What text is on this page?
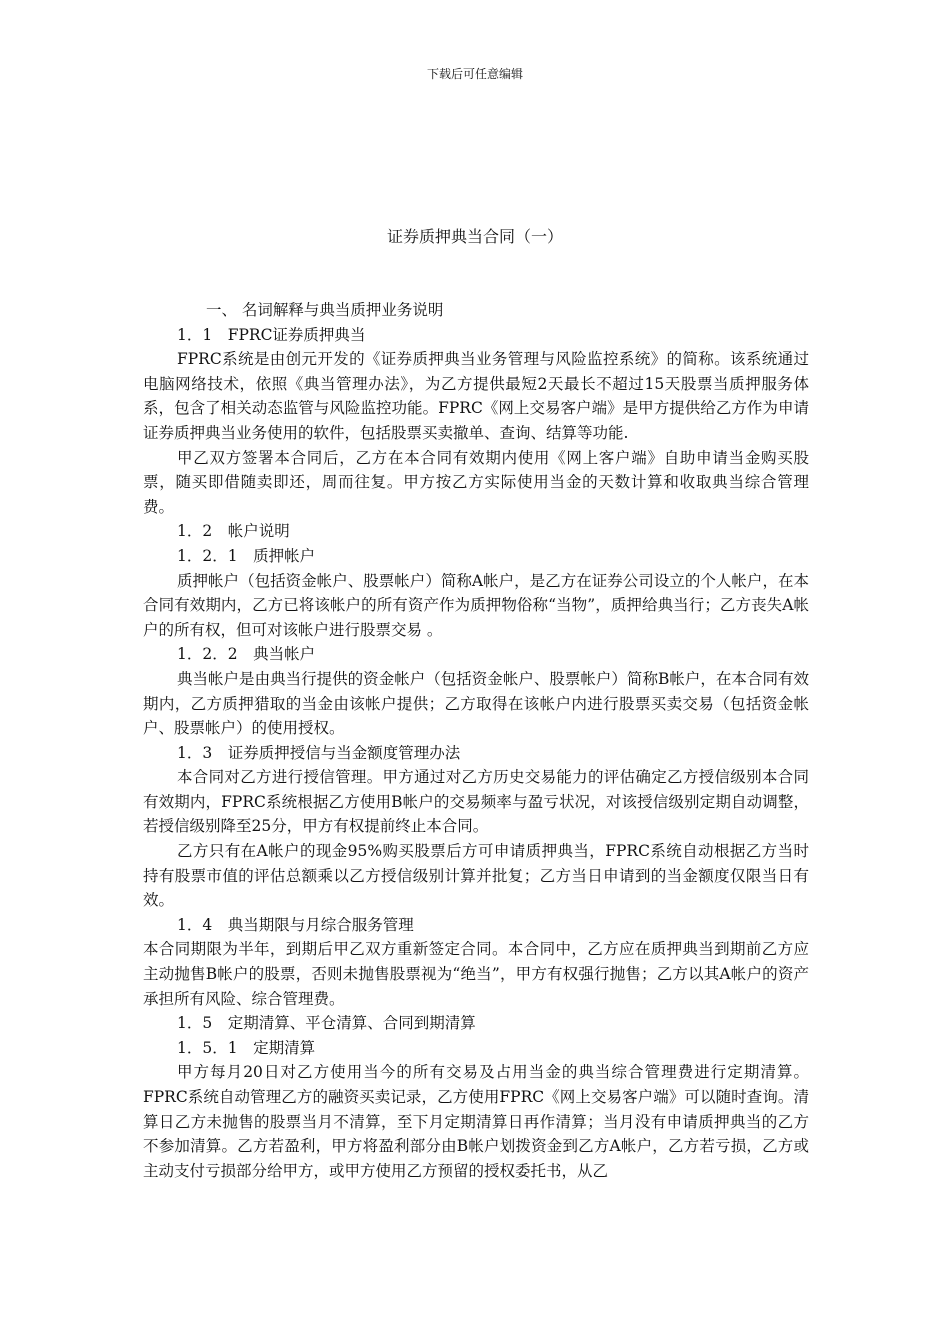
下载后可任意编辑
证券质押典当合同（一）

一、 名词解释与典当质押业务说明

1．1　FPRC证券质押典当

FPRC系统是由创元开发的《证券质押典当业务管理与风险监控系统》的简称。该系统通过电脑网络技术，依照《典当管理办法》，为乙方提供最短2天最长不超过15天股票当质押服务体系，包含了相关动态监管与风险监控功能。FPRC《网上交易客户端》是甲方提供给乙方作为申请证券质押典当业务使用的软件，包括股票买卖撤单、查询、结算等功能.

甲乙双方签署本合同后，乙方在本合同有效期内使用《网上客户端》自助申请当金购买股票，随买即借随卖即还，周而往复。甲方按乙方实际使用当金的天数计算和收取典当综合管理费。

1．2　帐户说明

1．2．1　质押帐户

质押帐户（包括资金帐户、股票帐户）简称A帐户，是乙方在证券公司设立的个人帐户，在本合同有效期内，乙方已将该帐户的所有资产作为质押物俗称“当物”，质押给典当行；乙方丧失A帐户的所有权，但可对该帐户进行股票交易 。

1．2．2　典当帐户

典当帐户是由典当行提供的资金帐户（包括资金帐户、股票帐户）简称B帐户，在本合同有效期内，乙方质押猎取的当金由该帐户提供；乙方取得在该帐户内进行股票买卖交易（包括资金帐户、股票帐户）的使用授权。

1．3　证券质押授信与当金额度管理办法

本合同对乙方进行授信管理。甲方通过对乙方历史交易能力的评估确定乙方授信级别本合同有效期内，FPRC系统根据乙方使用B帐户的交易频率与盈亏状况，对该授信级别定期自动调整，若授信级别降至25分，甲方有权提前终止本合同。

乙方只有在A帐户的现金95%购买股票后方可申请质押典当，FPRC系统自动根据乙方当时持有股票市值的评估总额乘以乙方授信级别计算并批复；乙方当日申请到的当金额度仅限当日有效。

1．4　典当期限与月综合服务管理

本合同期限为半年，到期后甲乙双方重新签定合同。本合同中，乙方应在质押典当到期前乙方应主动抛售B帐户的股票，否则未抛售股票视为“绝当”，甲方有权强行抛售；乙方以其A帐户的资产承担所有风险、综合管理费。

1．5　定期清算、平仓清算、合同到期清算

1．5．1　定期清算

甲方每月20日对乙方使用当今的所有交易及占用当金的典当综合管理费进行定期清算。FPRC系统自动管理乙方的融资买卖记录，乙方使用FPRC《网上交易客户端》可以随时查询。清算日乙方未抛售的股票当月不清算，至下月定期清算日再作清算；当月没有申请质押典当的乙方不参加清算。乙方若盈利，甲方将盈利部分由B帐户划拨资金到乙方A帐户，乙方若亏损，乙方或主动支付亏损部分给甲方，或甲方使用乙方预留的授权委托书，从乙
